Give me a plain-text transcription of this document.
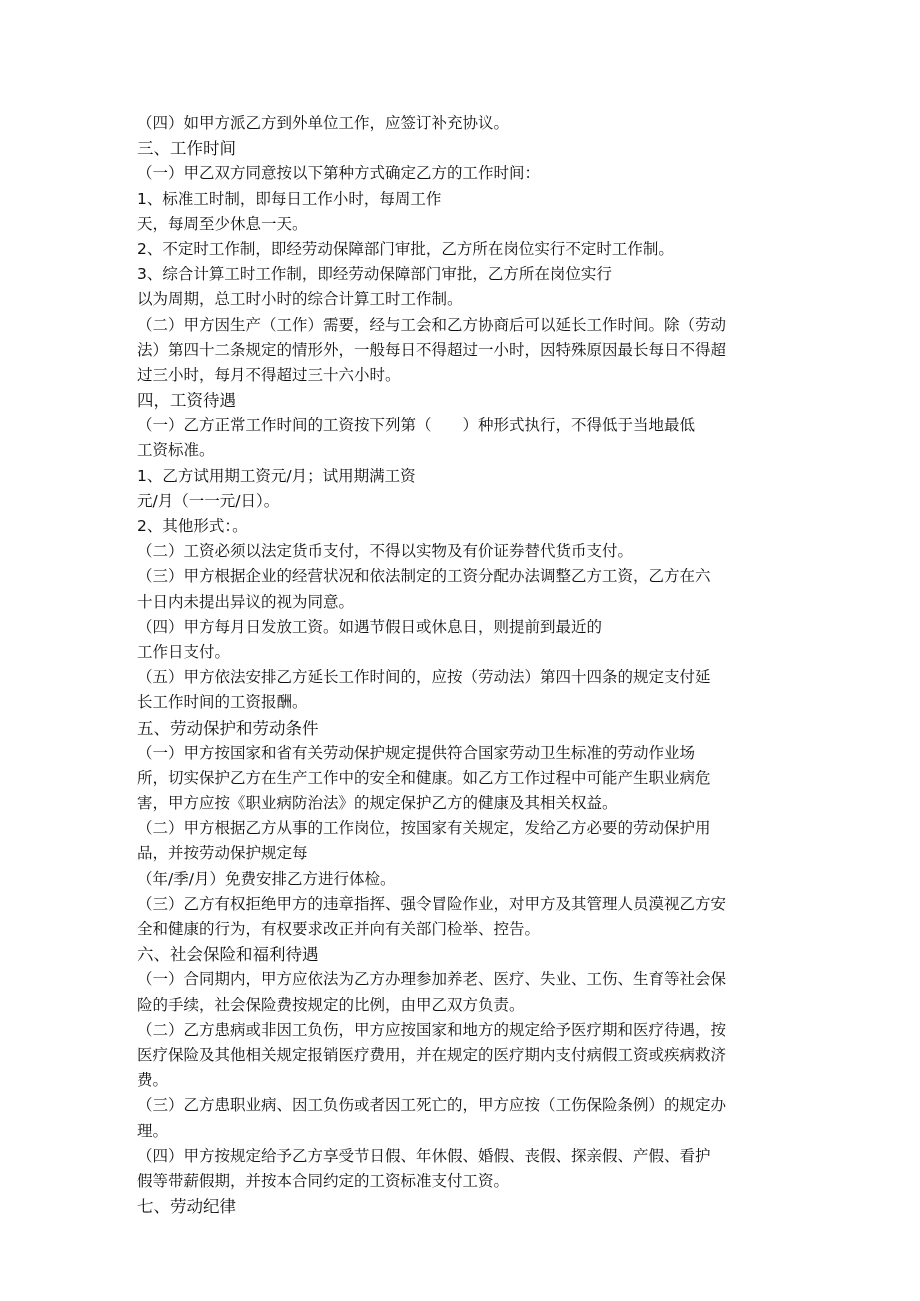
（四）如甲方派乙方到外单位工作，应签订补充协议。
三、工作时间
（一）甲乙双方同意按以下第种方式确定乙方的工作时间：
1、标准工时制，即每日工作小时，每周工作
天，每周至少休息一天。
2、不定时工作制，即经劳动保障部门审批，乙方所在岗位实行不定时工作制。
3、综合计算工时工作制，即经劳动保障部门审批，乙方所在岗位实行
以为周期，总工时小时的综合计算工时工作制。
（二）甲方因生产（工作）需要，经与工会和乙方协商后可以延长工作时间。除（劳动
法）第四十二条规定的情形外，一般每日不得超过一小时，因特殊原因最长每日不得超
过三小时，每月不得超过三十六小时。
四，工资待遇
（一）乙方正常工作时间的工资按下列第（　　）种形式执行，不得低于当地最低
工资标准。
1、乙方试用期工资元/月；试用期满工资
元/月（一一元/日）。
2、其他形式：。
（二）工资必须以法定货币支付，不得以实物及有价证券替代货币支付。
（三）甲方根据企业的经营状况和依法制定的工资分配办法调整乙方工资，乙方在六
十日内未提出异议的视为同意。
（四）甲方每月日发放工资。如遇节假日或休息日，则提前到最近的
工作日支付。
（五）甲方依法安排乙方延长工作时间的，应按（劳动法）第四十四条的规定支付延
长工作时间的工资报酬。
五、劳动保护和劳动条件
（一）甲方按国家和省有关劳动保护规定提供符合国家劳动卫生标准的劳动作业场
所，切实保护乙方在生产工作中的安全和健康。如乙方工作过程中可能产生职业病危
害，甲方应按《职业病防治法》的规定保护乙方的健康及其相关权益。
（二）甲方根据乙方从事的工作岗位，按国家有关规定，发给乙方必要的劳动保护用
品，并按劳动保护规定每
（年/季/月）免费安排乙方进行体检。
（三）乙方有权拒绝甲方的违章指挥、强令冒险作业，对甲方及其管理人员漠视乙方安
全和健康的行为，有权要求改正并向有关部门检举、控告。
六、社会保险和福利待遇
（一）合同期内，甲方应依法为乙方办理参加养老、医疗、失业、工伤、生育等社会保
险的手续，社会保险费按规定的比例，由甲乙双方负责。
（二）乙方患病或非因工负伤，甲方应按国家和地方的规定给予医疗期和医疗待遇，按
医疗保险及其他相关规定报销医疗费用，并在规定的医疗期内支付病假工资或疾病救济
费。
（三）乙方患职业病、因工负伤或者因工死亡的，甲方应按（工伤保险条例）的规定办
理。
（四）甲方按规定给予乙方享受节日假、年休假、婚假、丧假、探亲假、产假、看护
假等带薪假期，并按本合同约定的工资标准支付工资。
七、劳动纪律
